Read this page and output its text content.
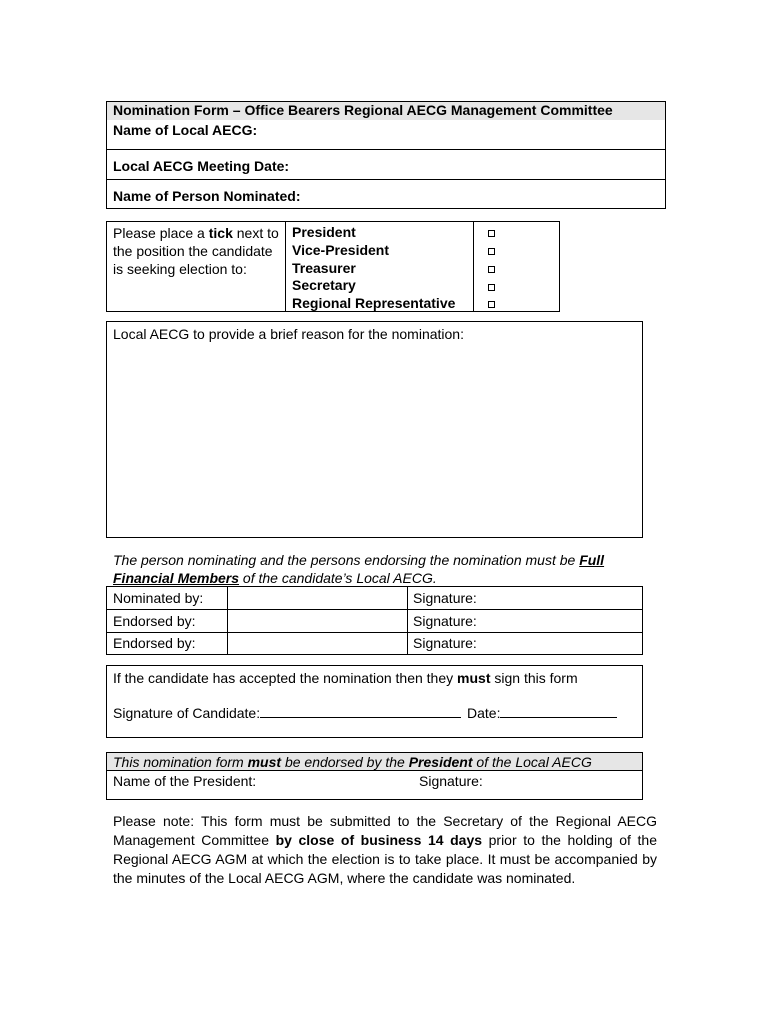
Nomination Form – Office Bearers Regional AECG Management Committee
Name of Local AECG:
Local AECG Meeting Date:
Name of Person Nominated:
Please place a tick next to the position the candidate is seeking election to:
President
Vice-President
Treasurer
Secretary
Regional Representative
Local AECG to provide a brief reason for the nomination:
The person nominating and the persons endorsing the nomination must be Full Financial Members of the candidate’s Local AECG.
Nominated by:	Signature:
Endorsed by:	Signature:
Endorsed by:	Signature:
If the candidate has accepted the nomination then they must sign this form
Signature of Candidate:	Date:
This nomination form must be endorsed by the President of the Local AECG
Name of the President:	Signature:
Please note: This form must be submitted to the Secretary of the Regional AECG Management Committee by close of business 14 days prior to the holding of the Regional AECG AGM at which the election is to take place. It must be accompanied by the minutes of the Local AECG AGM, where the candidate was nominated.
